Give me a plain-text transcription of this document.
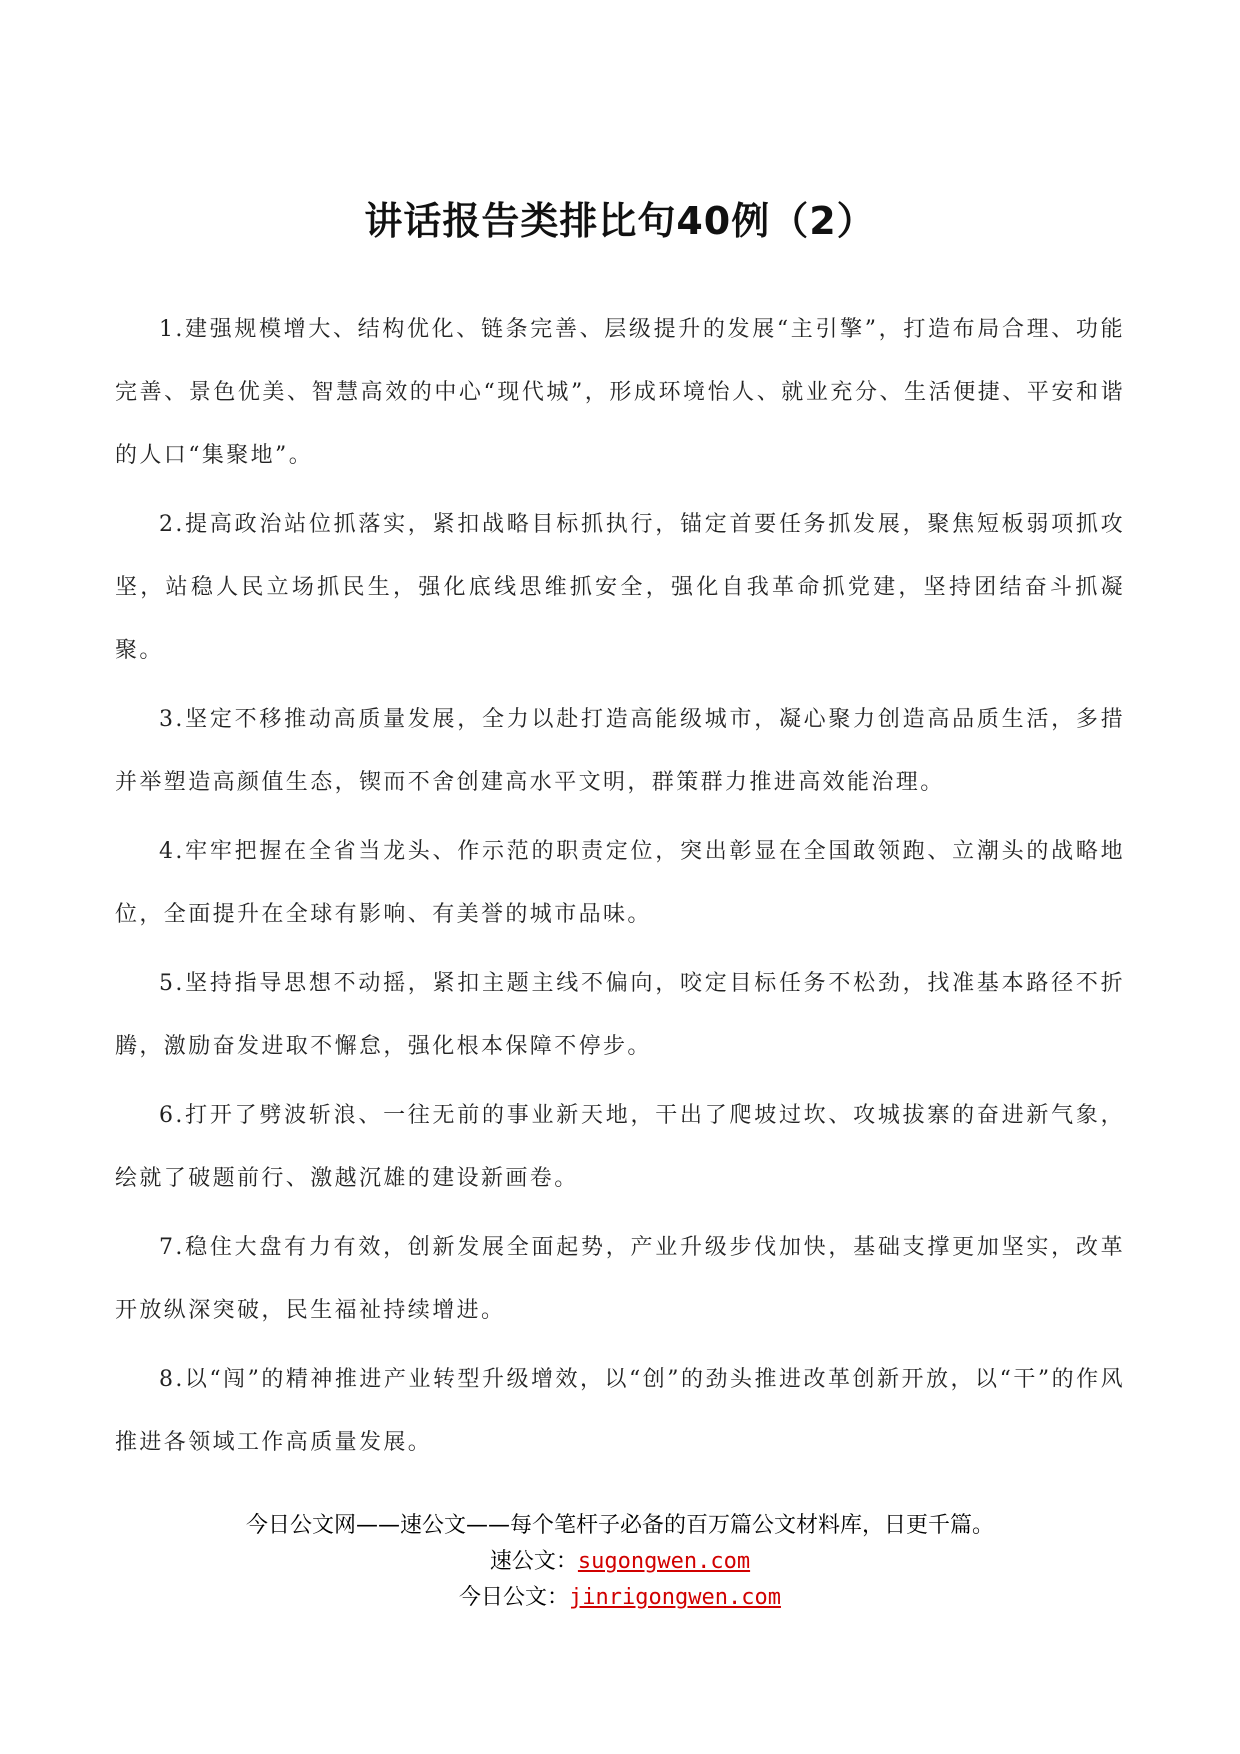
讲话报告类排比句40例（2）

1.建强规模增大、结构优化、链条完善、层级提升的发展“主引擎”，打造布局合理、功能完善、景色优美、智慧高效的中心“现代城”，形成环境怡人、就业充分、生活便捷、平安和谐的人口“集聚地”。

2.提高政治站位抓落实，紧扣战略目标抓执行，锚定首要任务抓发展，聚焦短板弱项抓攻坚，站稳人民立场抓民生，强化底线思维抓安全，强化自我革命抓党建，坚持团结奋斗抓凝聚。

3.坚定不移推动高质量发展，全力以赴打造高能级城市，凝心聚力创造高品质生活，多措并举塑造高颜值生态，锲而不舍创建高水平文明，群策群力推进高效能治理。

4.牢牢把握在全省当龙头、作示范的职责定位，突出彰显在全国敢领跑、立潮头的战略地位，全面提升在全球有影响、有美誉的城市品味。

5.坚持指导思想不动摇，紧扣主题主线不偏向，咬定目标任务不松劲，找准基本路径不折腾，激励奋发进取不懈怠，强化根本保障不停步。

6.打开了劈波斩浪、一往无前的事业新天地，干出了爬坡过坎、攻城拔寨的奋进新气象，绘就了破题前行、激越沉雄的建设新画卷。

7.稳住大盘有力有效，创新发展全面起势，产业升级步伐加快，基础支撑更加坚实，改革开放纵深突破，民生福祉持续增进。

8.以“闯”的精神推进产业转型升级增效，以“创”的劲头推进改革创新开放，以“干”的作风推进各领域工作高质量发展。

今日公文网——速公文——每个笔杆子必备的百万篇公文材料库，日更千篇。
速公文：sugongwen.com
今日公文：jinrigongwen.com
